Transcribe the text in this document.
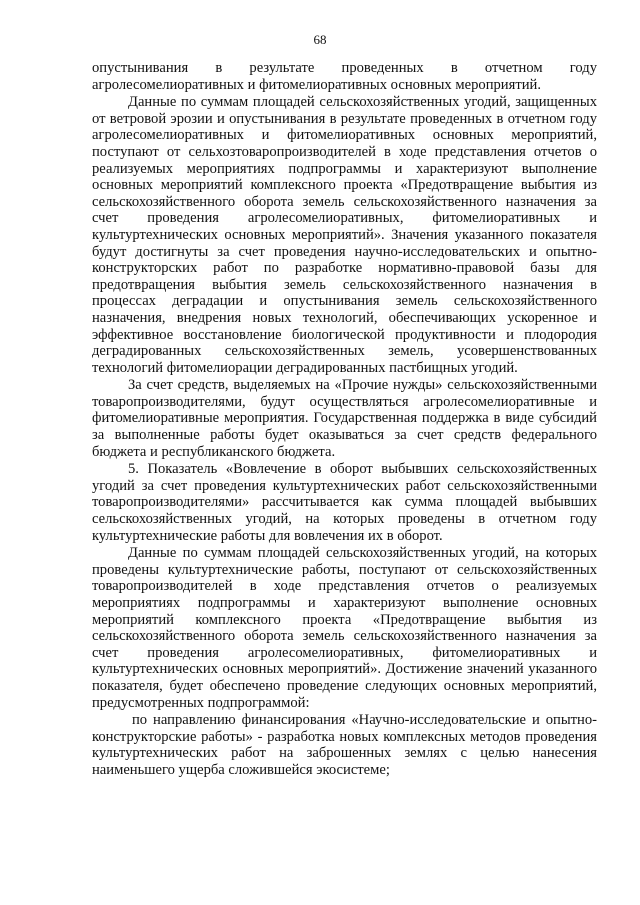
68

опустынивания в результате проведенных в отчетном году агролесомелиоративных и фитомелиоративных основных мероприятий.

Данные по суммам площадей сельскохозяйственных угодий, защищенных от ветровой эрозии и опустынивания в результате проведенных в отчетном году агролесомелиоративных и фитомелиоративных основных мероприятий, поступают от сельхозтоваропроизводителей в ходе представления отчетов о реализуемых мероприятиях подпрограммы и характеризуют выполнение основных мероприятий комплексного проекта «Предотвращение выбытия из сельскохозяйственного оборота земель сельскохозяйственного назначения за счет проведения агролесомелиоративных, фитомелиоративных и культуртехнических основных мероприятий». Значения указанного показателя будут достигнуты за счет проведения научно-исследовательских и опытно-конструкторских работ по разработке нормативно-правовой базы для предотвращения выбытия земель сельскохозяйственного назначения в процессах деградации и опустынивания земель сельскохозяйственного назначения, внедрения новых технологий, обеспечивающих ускоренное и эффективное восстановление биологической продуктивности и плодородия деградированных сельскохозяйственных земель, усовершенствованных технологий фитомелиорации деградированных пастбищных угодий.

За счет средств, выделяемых на «Прочие нужды» сельскохозяйственными товаропроизводителями, будут осуществляться агролесомелиоративные и фитомелиоративные мероприятия. Государственная поддержка в виде субсидий за выполненные работы будет оказываться за счет средств федерального бюджета и республиканского бюджета.

5. Показатель «Вовлечение в оборот выбывших сельскохозяйственных угодий за счет проведения культуртехнических работ сельскохозяйственными товаропроизводителями» рассчитывается как сумма площадей выбывших сельскохозяйственных угодий, на которых проведены в отчетном году культуртехнические работы для вовлечения их в оборот.

Данные по суммам площадей сельскохозяйственных угодий, на которых проведены культуртехнические работы, поступают от сельскохозяйственных товаропроизводителей в ходе представления отчетов о реализуемых мероприятиях подпрограммы и характеризуют выполнение основных мероприятий комплексного проекта «Предотвращение выбытия из сельскохозяйственного оборота земель сельскохозяйственного назначения за счет проведения агролесомелиоративных, фитомелиоративных и культуртехнических основных мероприятий». Достижение значений указанного показателя, будет обеспечено проведение следующих основных мероприятий, предусмотренных подпрограммой:

по направлению финансирования «Научно-исследовательские и опытно-конструкторские работы» - разработка новых комплексных методов проведения культуртехнических работ на заброшенных землях с целью нанесения наименьшего ущерба сложившейся экосистеме;
